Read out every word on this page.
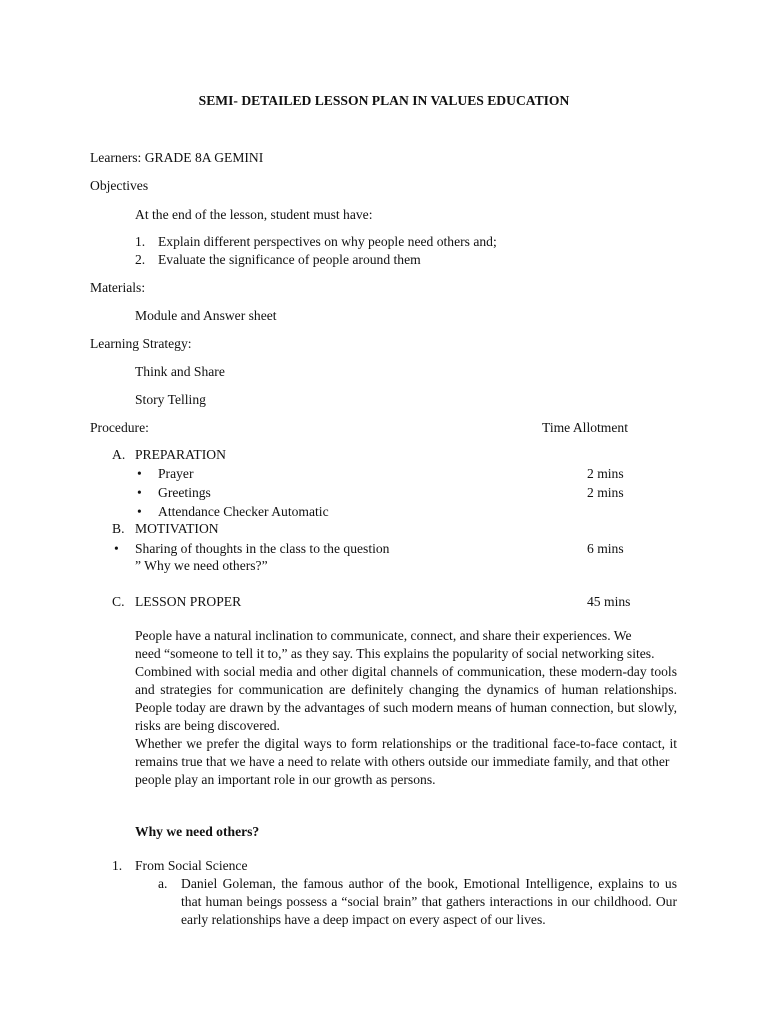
SEMI- DETAILED LESSON PLAN IN VALUES EDUCATION
Learners: GRADE 8A GEMINI
Objectives
At the end of the lesson, student must have:
1. Explain different perspectives on why people need others and;
2. Evaluate the significance of people around them
Materials:
Module and Answer sheet
Learning Strategy:
Think and Share
Story Telling
Procedure:	Time Allotment
A. PREPARATION
• Prayer	2 mins
• Greetings	2 mins
• Attendance Checker Automatic
B. MOTIVATION
• Sharing of thoughts in the class to the question	6 mins
” Why we need others?”
C. LESSON PROPER	45 mins

People have a natural inclination to communicate, connect, and share their experiences. We

need “someone to tell it to,” as they say. This explains the popularity of social networking sites.

Combined with social media and other digital channels of communication, these modern-day tools and strategies for communication are definitely changing the dynamics of human relationships. People today are drawn by the advantages of such modern means of human connection, but slowly, risks are being discovered.

Whether we prefer the digital ways to form relationships or the traditional face-to-face contact, it remains true that we have a need to relate with others outside our immediate family, and that other

people play an important role in our growth as persons.

Why we need others?
1. From Social Science
a. Daniel Goleman, the famous author of the book, Emotional Intelligence, explains to us that human beings possess a “social brain” that gathers interactions in our childhood. Our early relationships have a deep impact on every aspect of our lives.
